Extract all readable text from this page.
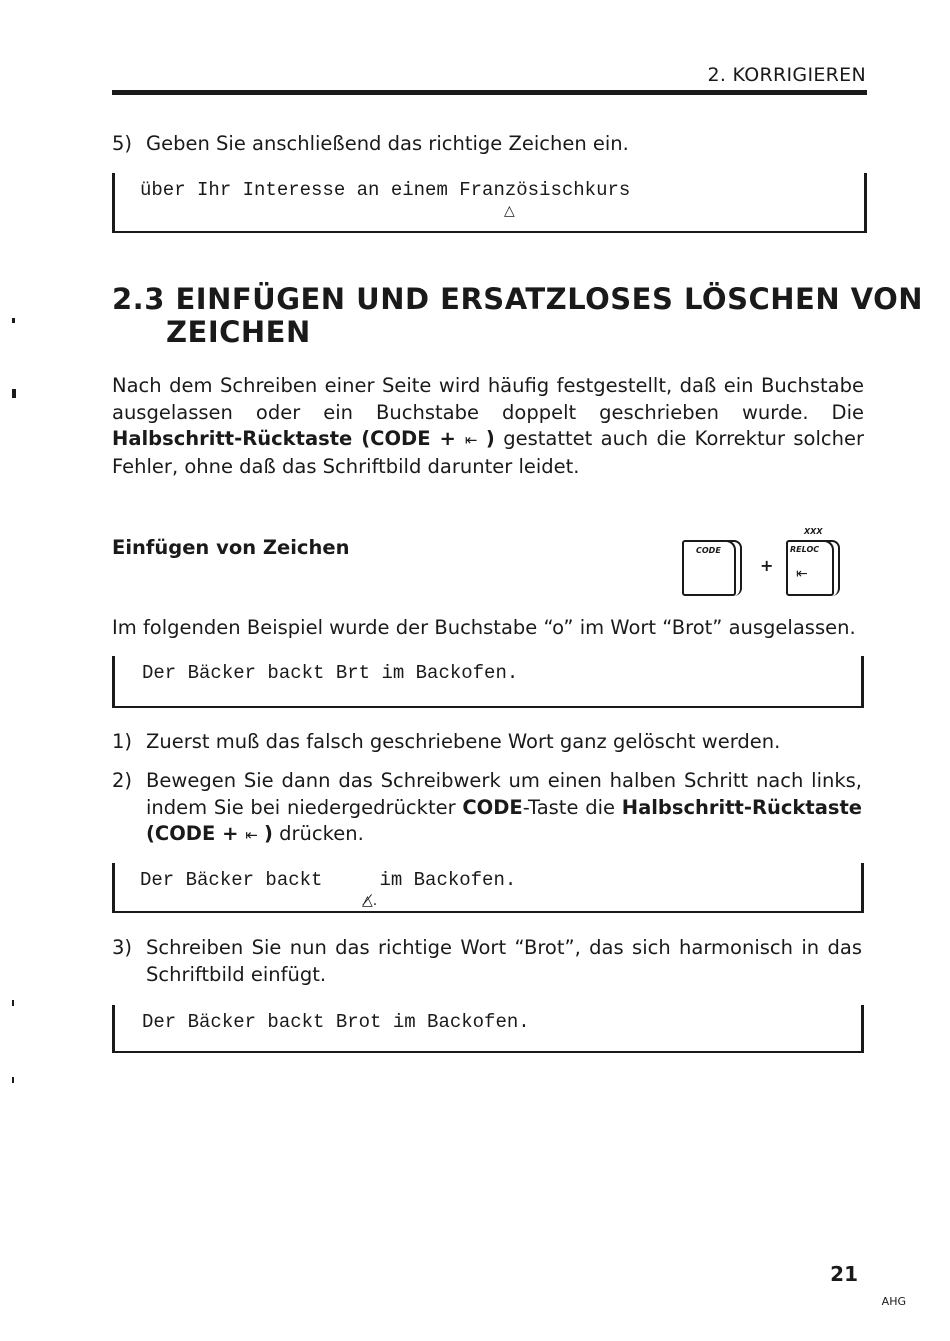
2. KORRIGIEREN
5) Geben Sie anschließend das richtige Zeichen ein.
über Ihr Interesse an einem Französischkurs
△
2.3 EINFÜGEN UND ERSATZLOSES LÖSCHEN VON
ZEICHEN
Nach dem Schreiben einer Seite wird häufig festgestellt, daß ein Buchstabe ausgelassen oder ein Buchstabe doppelt geschrieben wurde. Die Halbschritt-Rücktaste (CODE + ⇤ ) gestattet auch die Korrektur solcher Fehler, ohne daß das Schriftbild darunter leidet.
Einfügen von Zeichen	CODE
+
XXX
RELOC
⇤
Im folgenden Beispiel wurde der Buchstabe “o” im Wort “Brot” ausgelassen.
Der Bäcker backt Brt im Backofen.
1) Zuerst muß das falsch geschriebene Wort ganz gelöscht werden.
2) Bewegen Sie dann das Schreibwerk um einen halben Schritt nach links, indem Sie bei niedergedrückter CODE-Taste die Halbschritt-Rücktaste (CODE + ⇤ ) drücken.
Der Bäcker backt     im Backofen.
△̸.
3) Schreiben Sie nun das richtige Wort “Brot”, das sich harmonisch in das Schriftbild einfügt.
Der Bäcker backt Brot im Backofen.
21
AHG
